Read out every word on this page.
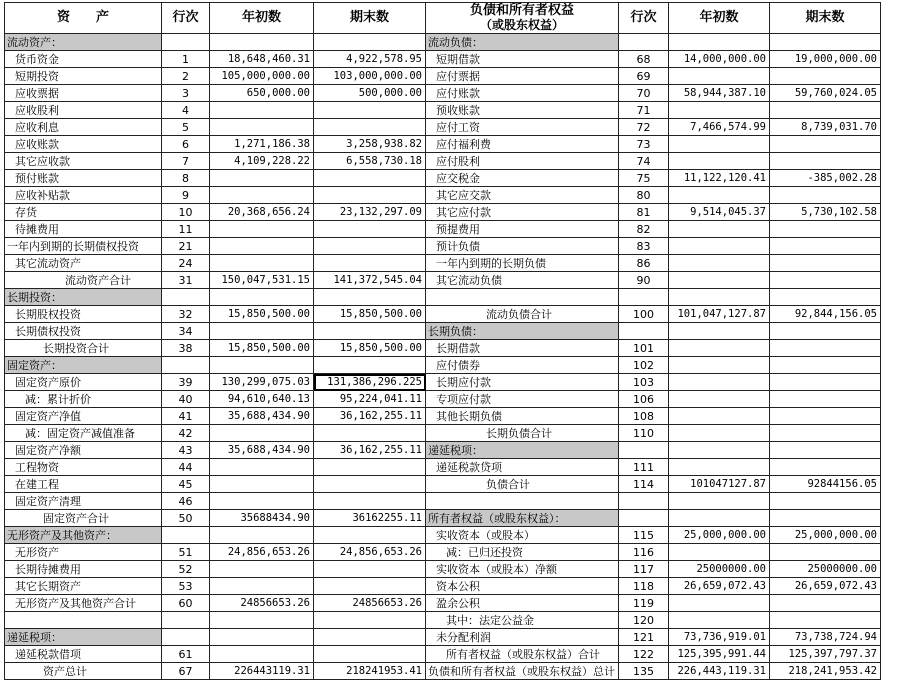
资　　产	行次	年初数	期末数	负债和所有者权益
（或股东权益）	行次	年初数	期末数
流动资产：				流动负债：			
货币资金	1	18,648,460.31	4,922,578.95	短期借款	68	14,000,000.00	19,000,000.00
短期投资	2	105,000,000.00	103,000,000.00	应付票据	69		
应收票据	3	650,000.00	500,000.00	应付账款	70	58,944,387.10	59,760,024.05
应收股利	4			预收账款	71		
应收利息	5			应付工资	72	7,466,574.99	8,739,031.70
应收账款	6	1,271,186.38	3,258,938.82	应付福利费	73		
其它应收款	7	4,109,228.22	6,558,730.18	应付股利	74		
预付账款	8			应交税金	75	11,122,120.41	-385,002.28
应收补贴款	9			其它应交款	80		
存货	10	20,368,656.24	23,132,297.09	其它应付款	81	9,514,045.37	5,730,102.58
待摊费用	11			预提费用	82		
一年内到期的长期债权投资	21			预计负债	83		
其它流动资产	24			一年内到期的长期负债	86		
流动资产合计	31	150,047,531.15	141,372,545.04	其它流动负债	90		
长期投资：							
长期股权投资	32	15,850,500.00	15,850,500.00	流动负债合计	100	101,047,127.87	92,844,156.05
长期债权投资	34			长期负债：			
长期投资合计	38	15,850,500.00	15,850,500.00	长期借款	101		
固定资产：				应付债券	102		
固定资产原价	39	130,299,075.03	131,386,296.225	长期应付款	103		
减：累计折价	40	94,610,640.13	95,224,041.11	专项应付款	106		
固定资产净值	41	35,688,434.90	36,162,255.11	其他长期负债	108		
减：固定资产减值准备	42			长期负债合计	110		
固定资产净额	43	35,688,434.90	36,162,255.11	递延税项：			
工程物资	44			递延税款贷项	111		
在建工程	45			负债合计	114	101047127.87	92844156.05
固定资产清理	46						
固定资产合计	50	35688434.90	36162255.11	所有者权益（或股东权益）：			
无形资产及其他资产：				实收资本（或股本）	115	25,000,000.00	25,000,000.00
无形资产	51	24,856,653.26	24,856,653.26	减：已归还投资	116		
长期待摊费用	52			实收资本（或股本）净额	117	25000000.00	25000000.00
其它长期资产	53			资本公积	118	26,659,072.43	26,659,072.43
无形资产及其他资产合计	60	24856653.26	24856653.26	盈余公积	119		
				其中：法定公益金	120		
递延税项：				未分配利润	121	73,736,919.01	73,738,724.94
递延税款借项	61			所有者权益（或股东权益）合计	122	125,395,991.44	125,397,797.37
资产总计	67	226443119.31	218241953.41	负债和所有者权益（或股东权益）总计	135	226,443,119.31	218,241,953.42
